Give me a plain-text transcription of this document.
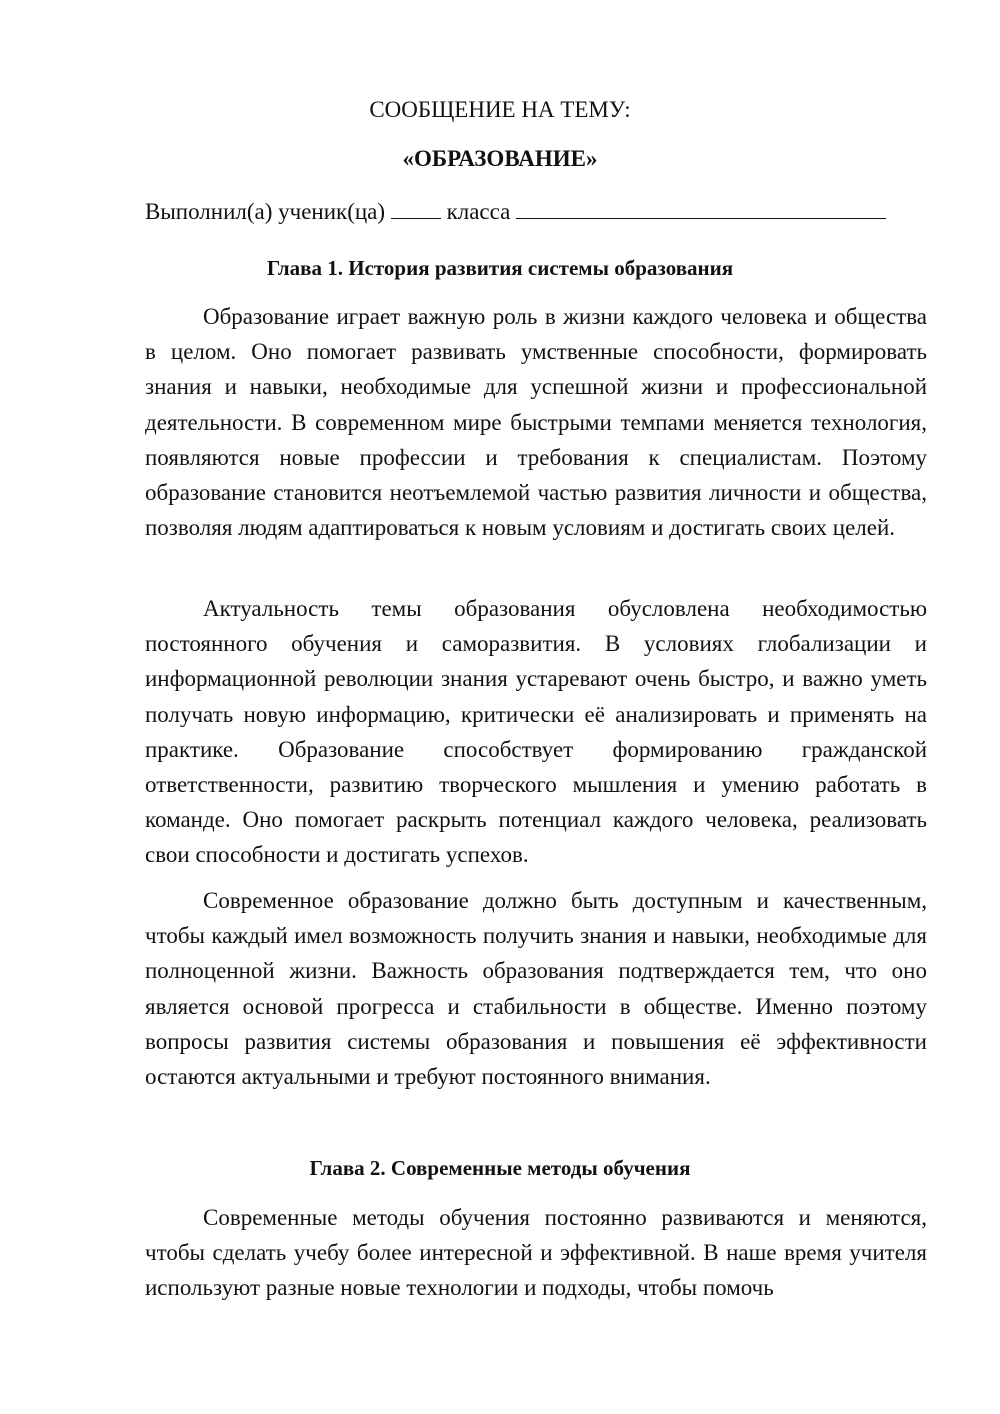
СООБЩЕНИЕ НА ТЕМУ:
«ОБРАЗОВАНИЕ»
Выполнил(а) ученик(ца)	класса
Глава 1. История развития системы образования

Образование играет важную роль в жизни каждого человека и общества в целом. Оно помогает развивать умственные способности, формировать знания и навыки, необходимые для успешной жизни и профессиональной деятельности. В современном мире быстрыми темпами меняется технология, появляются новые профессии и требования к специалистам. Поэтому образование становится неотъемлемой частью развития личности и общества, позволяя людям адаптироваться к новым условиям и достигать своих целей.

Актуальность темы образования обусловлена необходимостью постоянного обучения и саморазвития. В условиях глобализации и информационной революции знания устаревают очень быстро, и важно уметь получать новую информацию, критически её анализировать и применять на практике. Образование способствует формированию гражданской ответственности, развитию творческого мышления и умению работать в команде. Оно помогает раскрыть потенциал каждого человека, реализовать свои способности и достигать успехов.

Современное образование должно быть доступным и качественным, чтобы каждый имел возможность получить знания и навыки, необходимые для полноценной жизни. Важность образования подтверждается тем, что оно является основой прогресса и стабильности в обществе. Именно поэтому вопросы развития системы образования и повышения её эффективности остаются актуальными и требуют постоянного внимания.

Глава 2. Современные методы обучения

Современные методы обучения постоянно развиваются и меняются, чтобы сделать учебу более интересной и эффективной. В наше время учителя используют разные новые технологии и подходы, чтобы помочь
